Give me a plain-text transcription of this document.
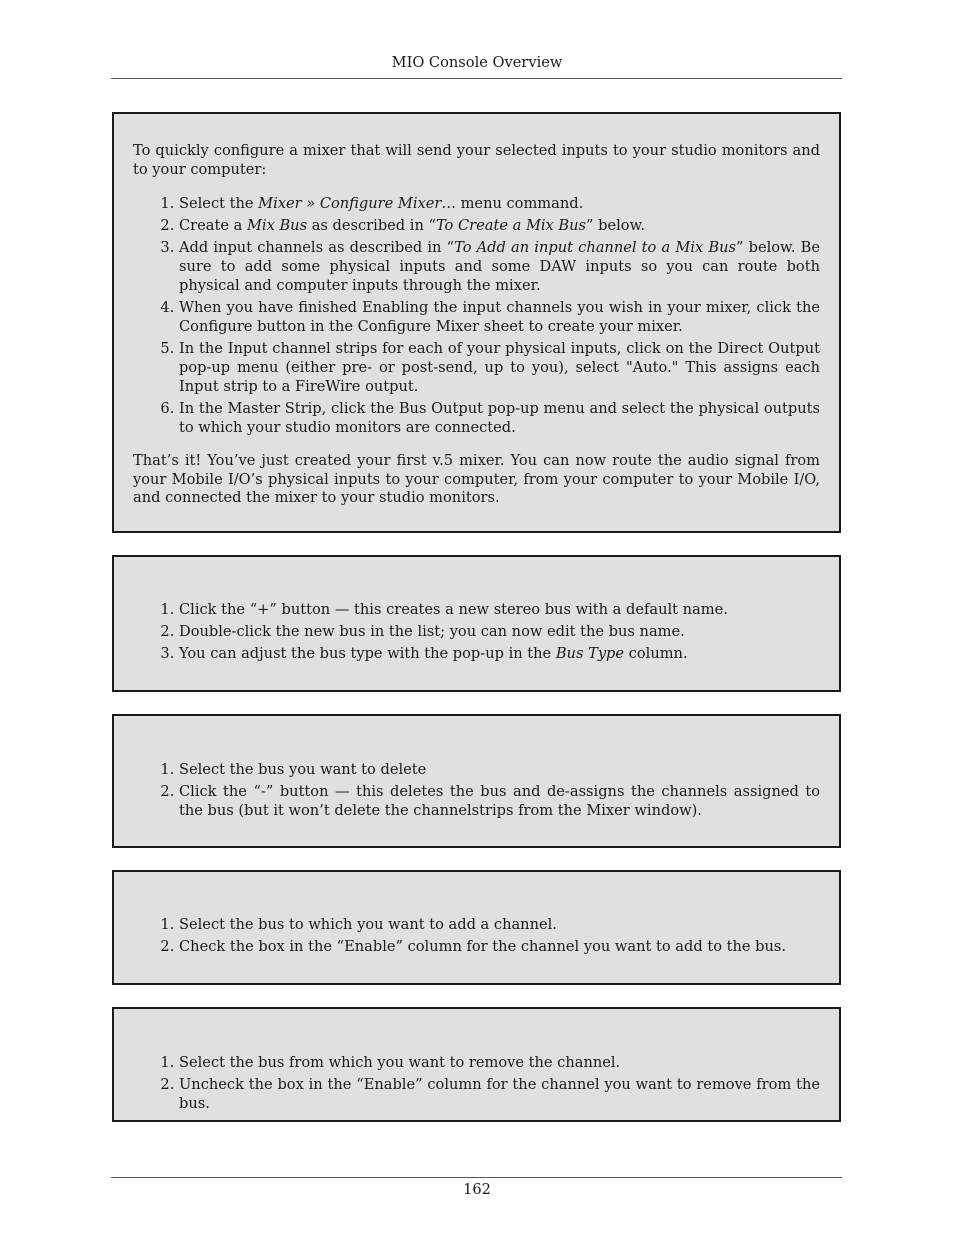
MIO Console Overview

To quickly configure a mixer that will send your selected inputs to your studio monitors and to your computer:

1. Select the Mixer » Configure Mixer… menu command.
2. Create a Mix Bus as described in “To Create a Mix Bus” below.
3. Add input channels as described in “To Add an input channel to a Mix Bus” below. Be sure to add some physical inputs and some DAW inputs so you can route both physical and computer inputs through the mixer.
4. When you have finished Enabling the input channels you wish in your mixer, click the Configure button in the Configure Mixer sheet to create your mixer.
5. In the Input channel strips for each of your physical inputs, click on the Direct Output pop-up menu (either pre- or post-send, up to you), select "Auto." This assigns each Input strip to a FireWire output.
6. In the Master Strip, click the Bus Output pop-up menu and select the physical outputs to which your studio monitors are connected.

That’s it! You’ve just created your first v.5 mixer. You can now route the audio signal from your Mobile I/O’s physical inputs to your computer, from your computer to your Mobile I/O, and connected the mixer to your studio monitors.

1. Click the “+” button — this creates a new stereo bus with a default name.
2. Double-click the new bus in the list; you can now edit the bus name.
3. You can adjust the bus type with the pop-up in the Bus Type column.
1. Select the bus you want to delete
2. Click the “-” button — this deletes the bus and de-assigns the channels assigned to the bus (but it won’t delete the channelstrips from the Mixer window).
1. Select the bus to which you want to add a channel.
2. Check the box in the “Enable” column for the channel you want to add to the bus.
1. Select the bus from which you want to remove the channel.
2. Uncheck the box in the “Enable” column for the channel you want to remove from the bus.
162
